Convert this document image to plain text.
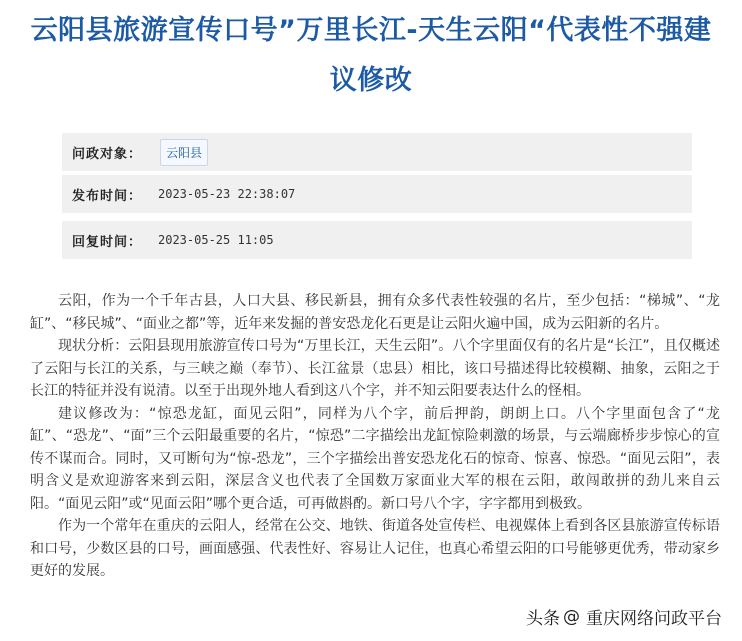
云阳县旅游宣传口号”万里长江-天生云阳“代表性不强建议修改
问政对象：	云阳县
发布时间：	2023-05-23 22:38:07
回复时间：	2023-05-25 11:05

云阳，作为一个千年古县，人口大县、移民新县，拥有众多代表性较强的名片，至少包括：“梯城”、“龙缸”、“移民城”、“面业之都”等，近年来发掘的普安恐龙化石更是让云阳火遍中国，成为云阳新的名片。

现状分析：云阳县现用旅游宣传口号为“万里长江，天生云阳”。八个字里面仅有的名片是“长江”，且仅概述了云阳与长江的关系，与三峡之巅（奉节）、长江盆景（忠县）相比，该口号描述得比较模糊、抽象，云阳之于长江的特征并没有说清。以至于出现外地人看到这八个字，并不知云阳要表达什么的怪相。

建议修改为：“惊恐龙缸，面见云阳”，同样为八个字，前后押韵，朗朗上口。八个字里面包含了“龙缸”、“恐龙”、“面”三个云阳最重要的名片，“惊恐”二字描绘出龙缸惊险刺激的场景，与云端廊桥步步惊心的宣传不谋而合。同时，又可断句为“惊-恐龙”，三个字描绘出普安恐龙化石的惊奇、惊喜、惊恐。“面见云阳”，表明含义是欢迎游客来到云阳，深层含义也代表了全国数万家面业大军的根在云阳，敢闯敢拼的劲儿来自云阳。“面见云阳”或“见面云阳”哪个更合适，可再做斟酌。新口号八个字，字字都用到极致。

作为一个常年在重庆的云阳人，经常在公交、地铁、街道各处宣传栏、电视媒体上看到各区县旅游宣传标语和口号，少数区县的口号，画面感强、代表性好、容易让人记住，也真心希望云阳的口号能够更优秀，带动家乡更好的发展。

头条 @ 重庆网络问政平台
